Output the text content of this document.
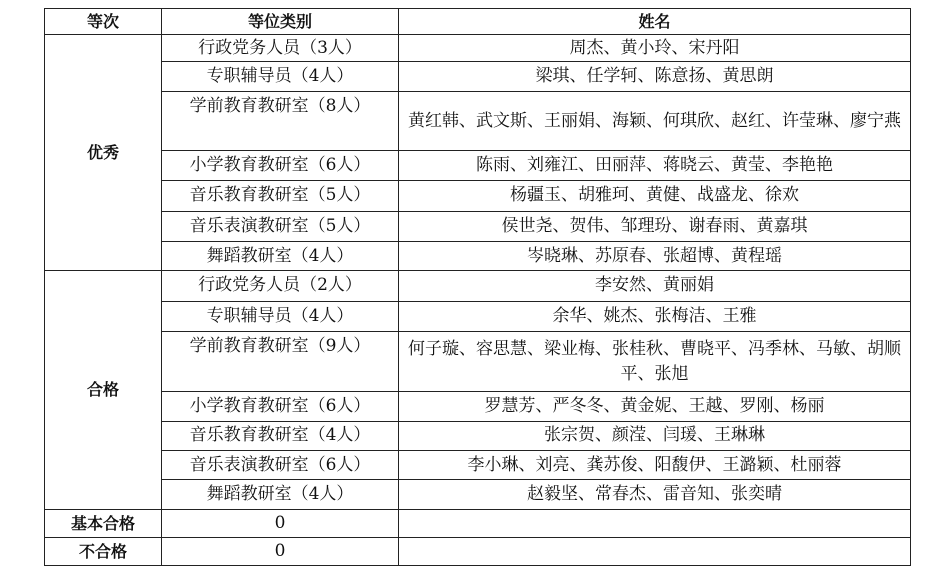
等次	等位类别	姓名
优秀	行政党务人员（3人）	周杰、黄小玲、宋丹阳
	专职辅导员（4人）	梁琪、任学轲、陈意扬、黄思朗
	学前教育教研室（8人）	黄红韩、武文斯、王丽娟、海颖、何琪欣、赵红、许莹琳、廖宁燕
	小学教育教研室（6人）	陈雨、刘雍江、田丽萍、蒋晓云、黄莹、李艳艳
	音乐教育教研室（5人）	杨疆玉、胡雅珂、黄健、战盛龙、徐欢
	音乐表演教研室（5人）	侯世尧、贺伟、邹理玢、谢春雨、黄嘉琪
	舞蹈教研室（4人）	岑晓琳、苏原春、张超博、黄程瑶
合格	行政党务人员（2人）	李安然、黄丽娟
	专职辅导员（4人）	余华、姚杰、张梅洁、王雅
	学前教育教研室（9人）	何子璇、容思慧、梁业梅、张桂秋、曹晓平、冯季林、马敏、胡顺平、张旭
	小学教育教研室（6人）	罗慧芳、严冬冬、黄金妮、王越、罗刚、杨丽
	音乐教育教研室（4人）	张宗贺、颜滢、闫瑗、王琳琳
	音乐表演教研室（6人）	李小琳、刘亮、龚苏俊、阳馥伊、王潞颖、杜丽蓉
	舞蹈教研室（4人）	赵毅坚、常春杰、雷音知、张奕晴
基本合格	0	
不合格	0	
